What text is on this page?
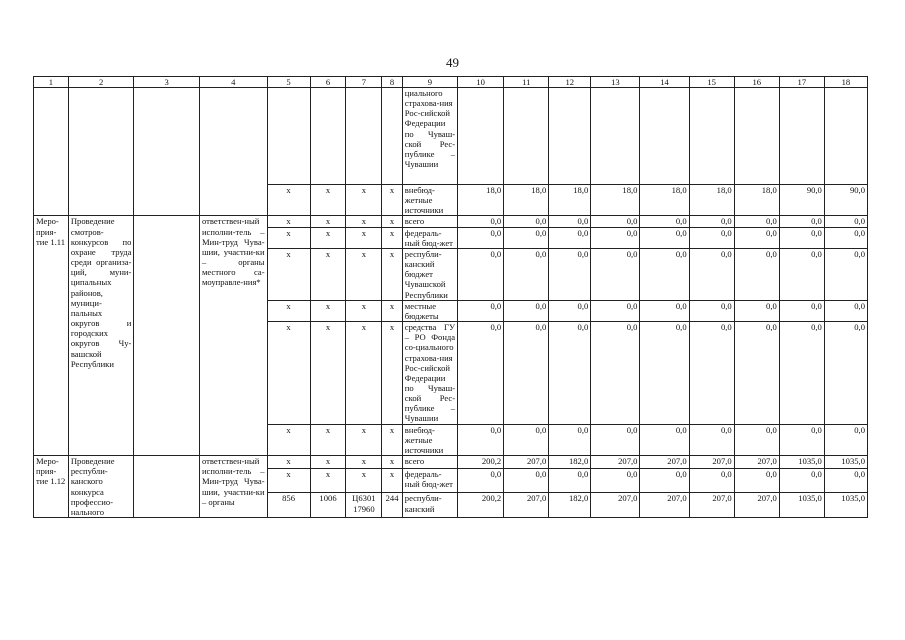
49
1	2	3	4	5	6	7	8	9	10	11	12	13	14	15	16	17	18
								циального страхова-ния Рос-сийской Федерации по Чуваш-ской Рес-публике – Чувашии									
				х	х	х	х	внебюд-жетные источники	18,0	18,0	18,0	18,0	18,0	18,0	18,0	90,0	90,0
Меро-прия-тие 1.11	Проведение смотров-конкурсов по охране труда среди организа-ций, муни-ципальных районов, муници-пальных округов и городских округов Чу-вашской Республики		ответствен-ный исполни-тель – Мин-труд Чува-шии, участни-ки – органы местного са-моуправле-ния*	х	х	х	х	всего	0,0	0,0	0,0	0,0	0,0	0,0	0,0	0,0	0,0
				х	х	х	х	федераль-ный бюд-жет	0,0	0,0	0,0	0,0	0,0	0,0	0,0	0,0	0,0
				х	х	х	х	республи-канский бюджет Чувашской Республики	0,0	0,0	0,0	0,0	0,0	0,0	0,0	0,0	0,0
				х	х	х	х	местные бюджеты	0,0	0,0	0,0	0,0	0,0	0,0	0,0	0,0	0,0
				х	х	х	х	средства ГУ – РО Фонда со-циального страхова-ния Рос-сийской Федерации по Чуваш-ской Рес-публике – Чувашии	0,0	0,0	0,0	0,0	0,0	0,0	0,0	0,0	0,0
				х	х	х	х	внебюд-жетные источники	0,0	0,0	0,0	0,0	0,0	0,0	0,0	0,0	0,0
Меро-прия-тие 1.12	Проведение республи-канского конкурса профессио-нального		ответствен-ный исполни-тель – Мин-труд Чува-шии, участни-ки – органы	х	х	х	х	всего	200,2	207,0	182,0	207,0	207,0	207,0	207,0	1035,0	1035,0
				х	х	х	х	федераль-ный бюд-жет	0,0	0,0	0,0	0,0	0,0	0,0	0,0	0,0	0,0
				856	1006	Ц6301 17960	244	республи-канский	200,2	207,0	182,0	207,0	207,0	207,0	207,0	1035,0	1035,0
